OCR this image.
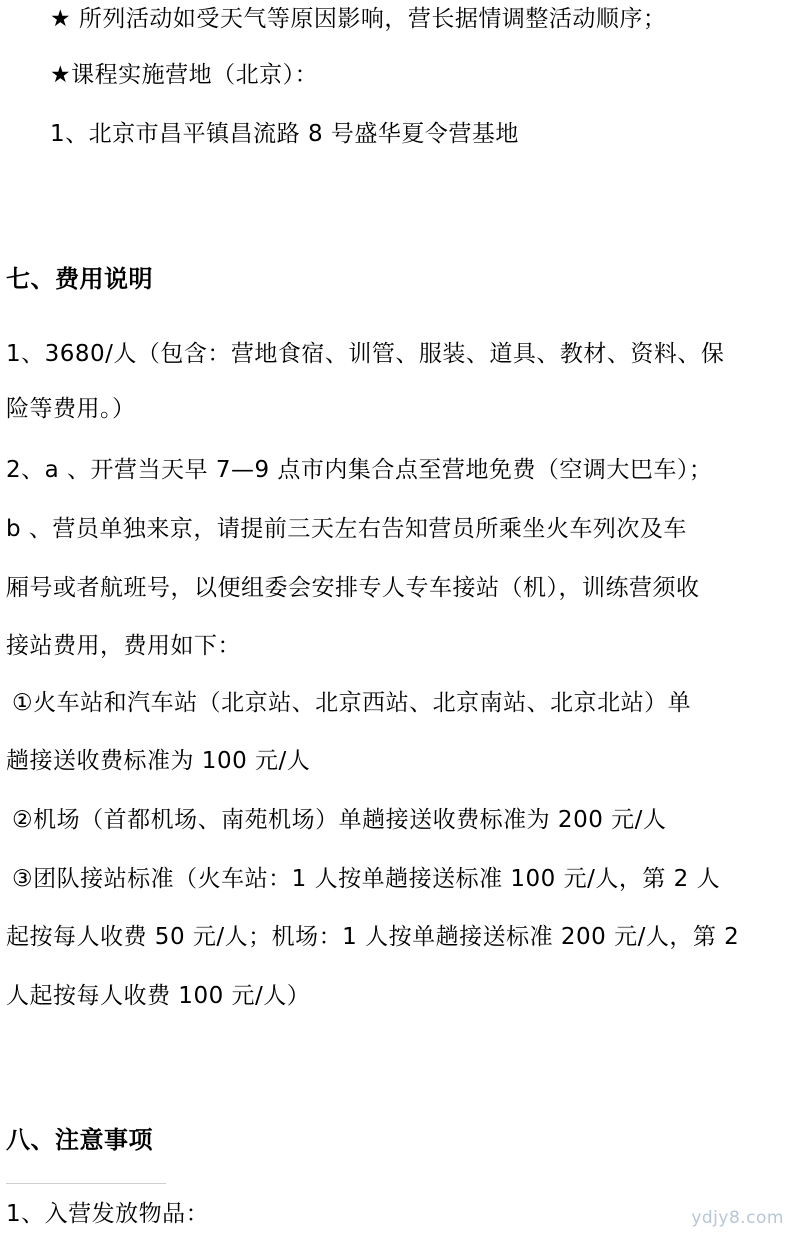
★ 所列活动如受天气等原因影响，营长据情调整活动顺序；
★课程实施营地（北京）：
1、北京市昌平镇昌流路 8 号盛华夏令营基地
七、费用说明
1、3680/人（包含：营地食宿、训管、服装、道具、教材、资料、保
险等费用。）
2、a 、开营当天早 7—9 点市内集合点至营地免费（空调大巴车）；
b 、营员单独来京，请提前三天左右告知营员所乘坐火车列次及车
厢号或者航班号，以便组委会安排专人专车接站（机），训练营须收
接站费用，费用如下：
①火车站和汽车站（北京站、北京西站、北京南站、北京北站）单
趟接送收费标准为 100 元/人
②机场（首都机场、南苑机场）单趟接送收费标准为 200 元/人
③团队接站标准（火车站：1 人按单趟接送标准 100 元/人，第 2 人
起按每人收费 50 元/人；机场：1 人按单趟接送标准 200 元/人，第 2
人起按每人收费 100 元/人）
八、注意事项
1、入营发放物品：	ydjy8.com
